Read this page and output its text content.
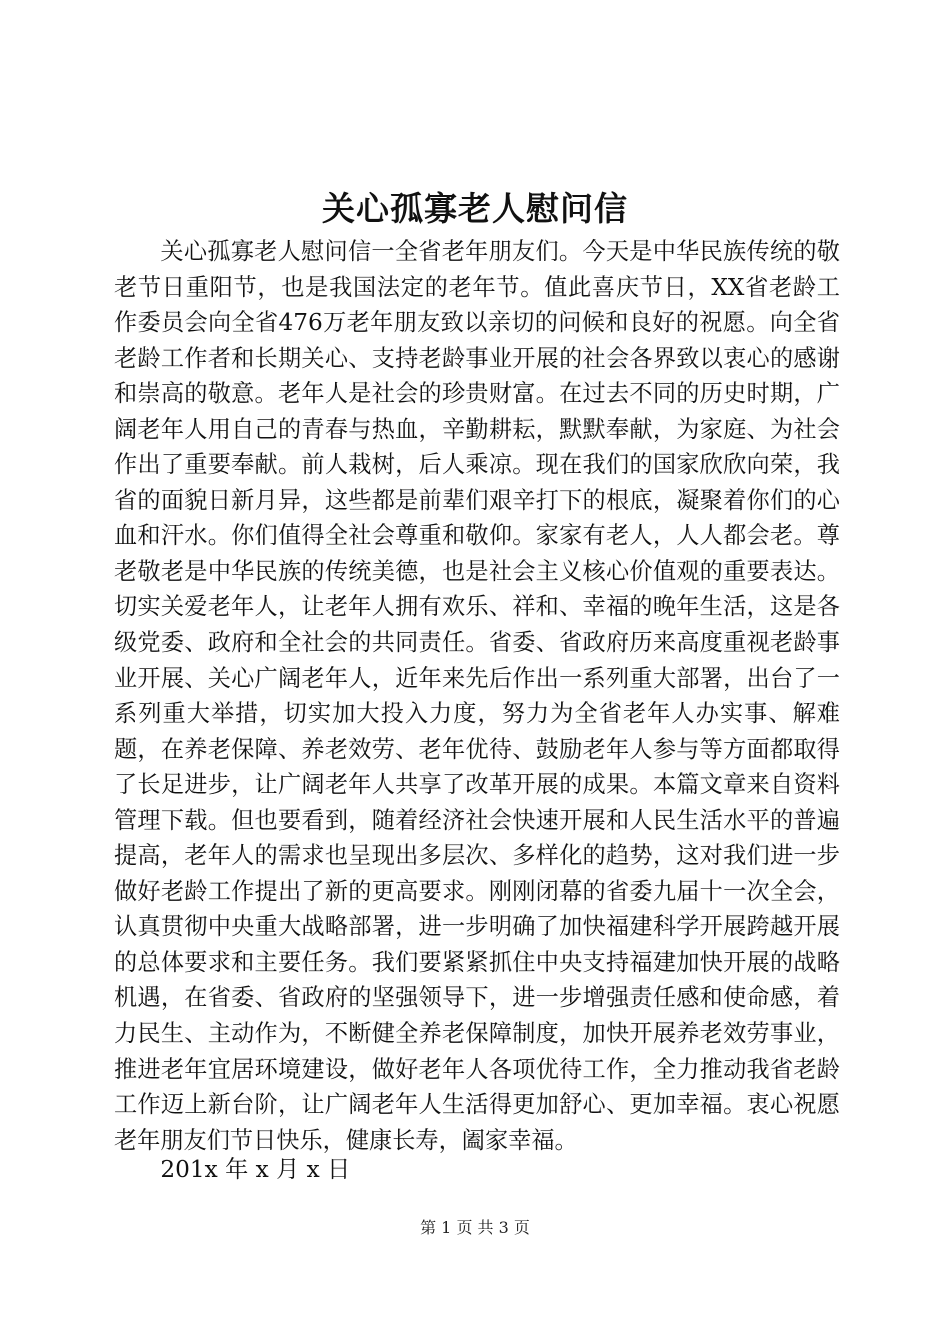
关心孤寡老人慰问信

关心孤寡老人慰问信一全省老年朋友们。今天是中华民族传统的敬老节日重阳节，也是我国法定的老年节。值此喜庆节日，XX省老龄工作委员会向全省476万老年朋友致以亲切的问候和良好的祝愿。向全省老龄工作者和长期关心、支持老龄事业开展的社会各界致以衷心的感谢和崇高的敬意。老年人是社会的珍贵财富。在过去不同的历史时期，广阔老年人用自己的青春与热血，辛勤耕耘，默默奉献，为家庭、为社会作出了重要奉献。前人栽树，后人乘凉。现在我们的国家欣欣向荣，我省的面貌日新月异，这些都是前辈们艰辛打下的根底，凝聚着你们的心血和汗水。你们值得全社会尊重和敬仰。家家有老人，人人都会老。尊老敬老是中华民族的传统美德，也是社会主义核心价值观的重要表达。切实关爱老年人，让老年人拥有欢乐、祥和、幸福的晚年生活，这是各级党委、政府和全社会的共同责任。省委、省政府历来高度重视老龄事业开展、关心广阔老年人，近年来先后作出一系列重大部署，出台了一系列重大举措，切实加大投入力度，努力为全省老年人办实事、解难题，在养老保障、养老效劳、老年优待、鼓励老年人参与等方面都取得了长足进步，让广阔老年人共享了改革开展的成果。本篇文章来自资料管理下载。但也要看到，随着经济社会快速开展和人民生活水平的普遍提高，老年人的需求也呈现出多层次、多样化的趋势，这对我们进一步做好老龄工作提出了新的更高要求。刚刚闭幕的省委九届十一次全会，认真贯彻中央重大战略部署，进一步明确了加快福建科学开展跨越开展的总体要求和主要任务。我们要紧紧抓住中央支持福建加快开展的战略机遇，在省委、省政府的坚强领导下，进一步增强责任感和使命感，着力民生、主动作为，不断健全养老保障制度，加快开展养老效劳事业，推进老年宜居环境建设，做好老年人各项优待工作，全力推动我省老龄工作迈上新台阶，让广阔老年人生活得更加舒心、更加幸福。衷心祝愿老年朋友们节日快乐，健康长寿，阖家幸福。

201x 年 x 月 x 日

第 1 页 共 3 页
